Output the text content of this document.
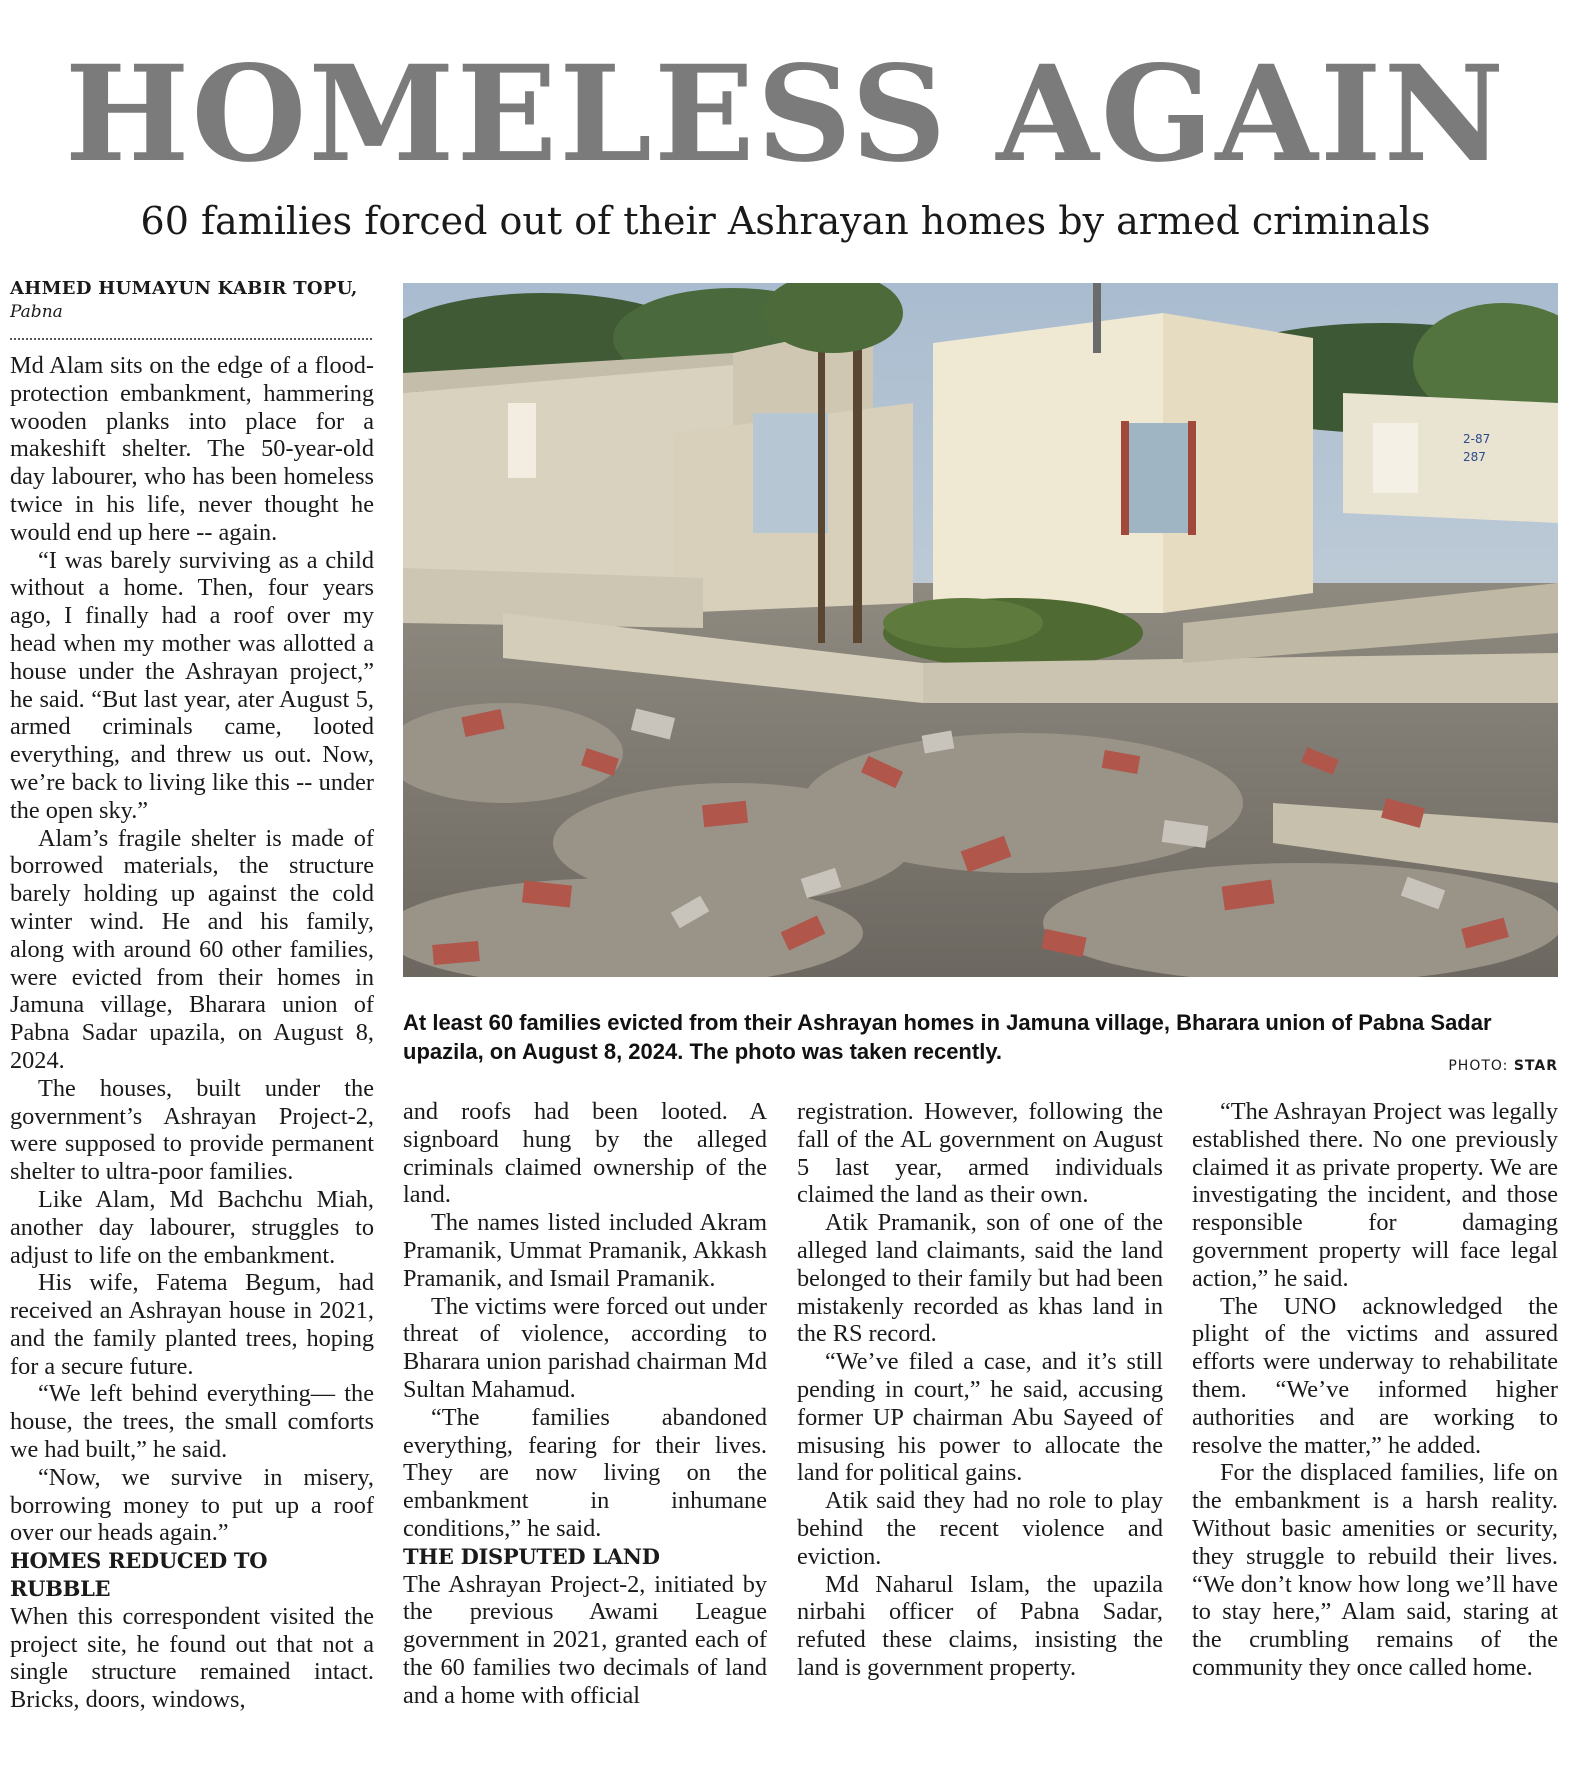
HOMELESS AGAIN
60 families forced out of their Ashrayan homes by armed criminals
AHMED HUMAYUN KABIR TOPU,
Pabna

Md Alam sits on the edge of a flood-protection embankment, hammering wooden planks into place for a makeshift shelter. The 50-year-old day labourer, who has been homeless twice in his life, never thought he would end up here -- again.

“I was barely surviving as a child without a home. Then, four years ago, I finally had a roof over my head when my mother was allotted a house under the Ashrayan project,” he said. “But last year, ater August 5, armed criminals came, looted everything, and threw us out. Now, we’re back to living like this -- under the open sky.”

Alam’s fragile shelter is made of borrowed materials, the structure barely holding up against the cold winter wind. He and his family, along with around 60 other families, were evicted from their homes in Jamuna village, Bharara union of Pabna Sadar upazila, on August 8, 2024.

The houses, built under the government’s Ashrayan Project-2, were supposed to provide permanent shelter to ultra-poor families.

Like Alam, Md Bachchu Miah, another day labourer, struggles to adjust to life on the embankment.

His wife, Fatema Begum, had received an Ashrayan house in 2021, and the family planted trees, hoping for a secure future.

“We left behind everything— the house, the trees, the small comforts we had built,” he said.

“Now, we survive in misery, borrowing money to put up a roof over our heads again.”

HOMES REDUCED TO RUBBLE

When this correspondent visited the project site, he found out that not a single structure remained intact. Bricks, doors, windows,

2-87
287
At least 60 families evicted from their Ashrayan homes in Jamuna village, Bharara union of Pabna Sadar upazila, on August 8, 2024. The photo was taken recently.
PHOTO: STAR

and roofs had been looted. A signboard hung by the alleged criminals claimed ownership of the land.

The names listed included Akram Pramanik, Ummat Pramanik, Akkash Pramanik, and Ismail Pramanik.

The victims were forced out under threat of violence, according to Bharara union parishad chairman Md Sultan Mahamud.

“The families abandoned everything, fearing for their lives. They are now living on the embankment in inhumane conditions,” he said.

THE DISPUTED LAND

The Ashrayan Project-2, initiated by the previous Awami League government in 2021, granted each of the 60 families two decimals of land and a home with official

registration. However, following the fall of the AL government on August 5 last year, armed individuals claimed the land as their own.

Atik Pramanik, son of one of the alleged land claimants, said the land belonged to their family but had been mistakenly recorded as khas land in the RS record.

“We’ve filed a case, and it’s still pending in court,” he said, accusing former UP chairman Abu Sayeed of misusing his power to allocate the land for political gains.

Atik said they had no role to play behind the recent violence and eviction.

Md Naharul Islam, the upazila nirbahi officer of Pabna Sadar, refuted these claims, insisting the land is government property.

“The Ashrayan Project was legally established there. No one previously claimed it as private property. We are investigating the incident, and those responsible for damaging government property will face legal action,” he said.

The UNO acknowledged the plight of the victims and assured efforts were underway to rehabilitate them. “We’ve informed higher authorities and are working to resolve the matter,” he added.

For the displaced families, life on the embankment is a harsh reality. Without basic amenities or security, they struggle to rebuild their lives. “We don’t know how long we’ll have to stay here,” Alam said, staring at the crumbling remains of the community they once called home.
